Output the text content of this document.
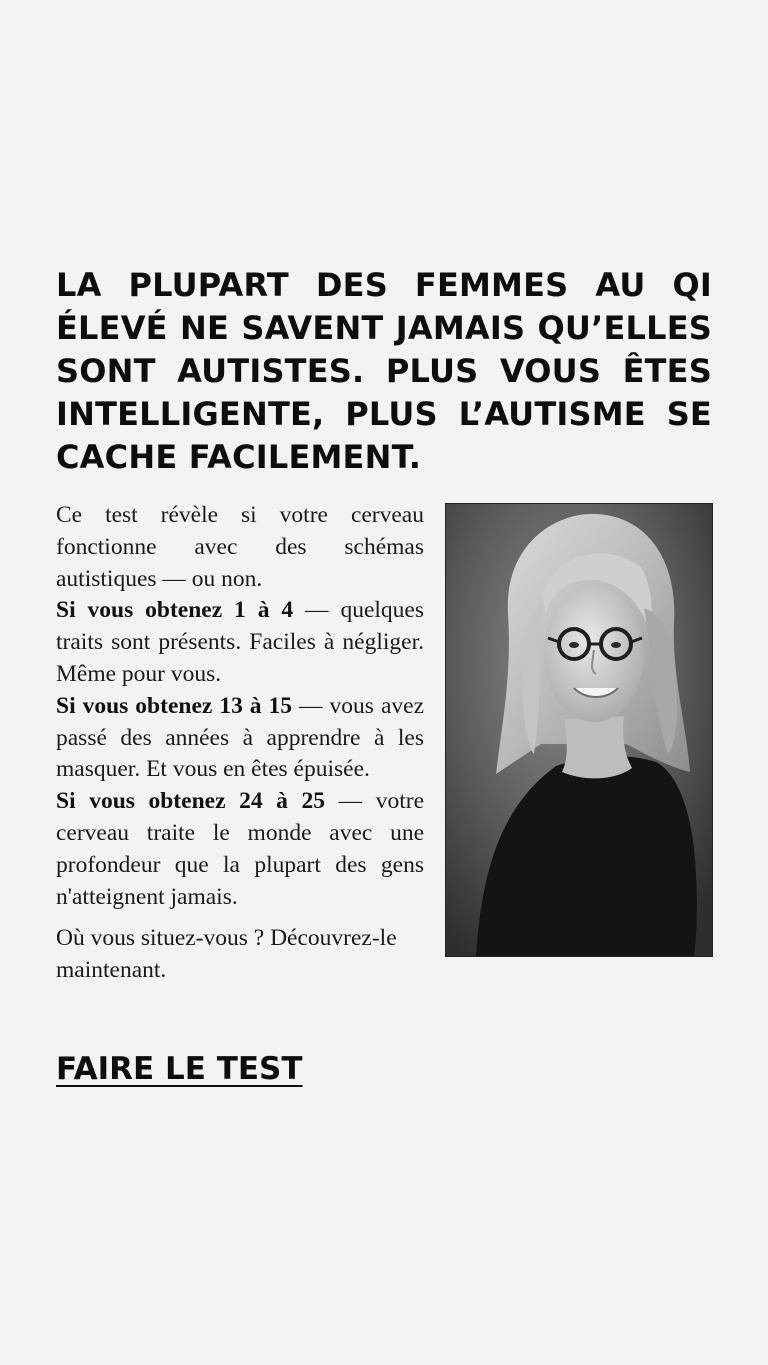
LA PLUPART DES FEMMES AU QI ÉLEVÉ NE SAVENT JAMAIS QU’ELLES SONT AUTISTES. PLUS VOUS ÊTES INTELLIGENTE, PLUS L’AUTISME SE CACHE FACILEMENT.

Ce test révèle si votre cerveau fonctionne avec des schémas autistiques — ou non.

Si vous obtenez 1 à 4 — quelques traits sont présents. Faciles à négliger. Même pour vous.

Si vous obtenez 13 à 15 — vous avez passé des années à apprendre à les masquer. Et vous en êtes épuisée.

Si vous obtenez 24 à 25 — votre cerveau traite le monde avec une profondeur que la plupart des gens n'atteignent jamais.

Où vous situez-vous ? Découvrez-le maintenant.

FAIRE LE TEST
